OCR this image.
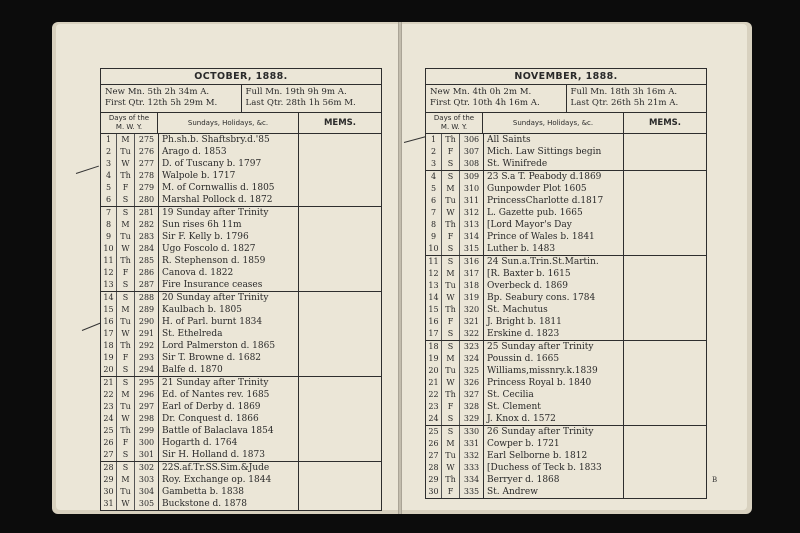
OCTOBER, 1888.
New Mn. 5th 2h 34m A.
First Qtr. 12th 5h 29m M.
Full Mn. 19th 9h 9m A.
Last Qtr. 28th 1h 56m M.
Days of the
M. W. Y.	Sundays, Holidays, &c.	MEMS.
1	M	275 Ph.sh.b. Shaftsbry.d.'85
2	Tu	276 Arago d. 1853
3	W	277 D. of Tuscany b. 1797
4	Th	278 Walpole b. 1717
5	F	279 M. of Cornwallis d. 1805
6	S	280 Marshal Pollock d. 1872
7	S	281 19 Sunday after Trinity
8	M	282 Sun rises 6h 11m
9	Tu	283 Sir F. Kelly b. 1796
10 W	284 Ugo Foscolo d. 1827
11 Th	285 R. Stephenson d. 1859
12	F	286 Canova d. 1822
13	S	287 Fire Insurance ceases
14	S	288 20 Sunday after Trinity
15 M	289 Kaulbach b. 1805
16 Tu	290 H. of Parl. burnt 1834
17 W	291 St. Ethelreda
18 Th	292 Lord Palmerston d. 1865
19	F	293 Sir T. Browne d. 1682
20	S	294 Balfe d. 1870
21	S	295 21 Sunday after Trinity
22 M	296 Ed. of Nantes rev. 1685
23 Tu	297 Earl of Derby d. 1869
24 W	298 Dr. Conquest d. 1866
25 Th	299 Battle of Balaclava 1854
26	F	300 Hogarth d. 1764
27	S	301 Sir H. Holland d. 1873
28	S	302 22S.af.Tr.SS.Sim.&Jude
29 M	303 Roy. Exchange op. 1844
30 Tu	304 Gambetta b. 1838
31 W	305 Buckstone d. 1878
NOVEMBER, 1888.
New Mn. 4th 0h 2m M.
First Qtr. 10th 4h 16m A.
Full Mn. 18th 3h 16m A.
Last Qtr. 26th 5h 21m A.
Days of the
M. W. Y.	Sundays, Holidays, &c.	MEMS.
1	Th	306 All Saints
2	F	307 Mich. Law Sittings begin
3	S	308 St. Winifrede
4	S	309 23 S.a T. Peabody d.1869
5	M	310 Gunpowder Plot 1605
6	Tu	311 PrincessCharlotte d.1817
7	W	312 L. Gazette pub. 1665
8	Th	313 [Lord Mayor's Day
9	F	314 Prince of Wales b. 1841
10	S	315 Luther b. 1483
11	S	316 24 Sun.a.Trin.St.Martin.
12 M	317 [R. Baxter b. 1615
13 Tu	318 Overbeck d. 1869
14 W	319 Bp. Seabury cons. 1784
15 Th	320 St. Machutus
16	F	321 J. Bright b. 1811
17	S	322 Erskine d. 1823
18	S	323 25 Sunday after Trinity
19 M	324 Poussin d. 1665
20 Tu	325 Williams,missnry.k.1839
21 W	326 Princess Royal b. 1840
22 Th	327 St. Cecilia
23	F	328 St. Clement
24	S	329 J. Knox d. 1572
25	S	330 26 Sunday after Trinity
26 M	331 Cowper b. 1721
27 Tu	332 Earl Selborne b. 1812
28 W	333 [Duchess of Teck b. 1833
29 Th	334 Berryer d. 1868
30	F	335 St. Andrew
B
